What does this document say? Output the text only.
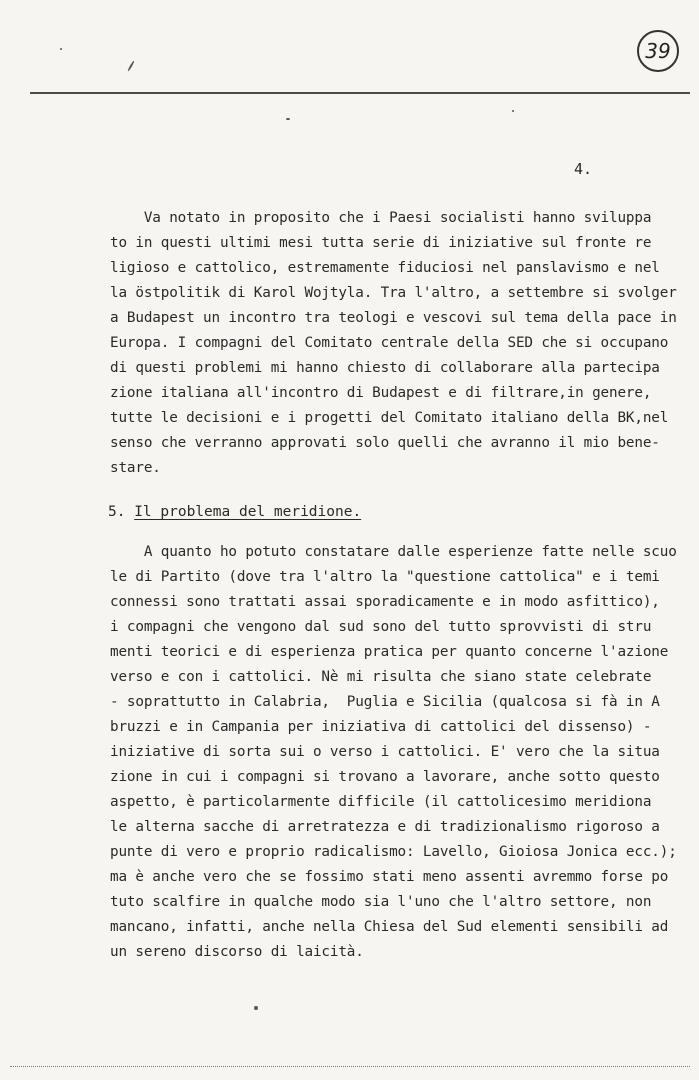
39
4.
Va notato in proposito che i Paesi socialisti hanno sviluppa
to in questi ultimi mesi tutta serie di iniziative sul fronte re
ligioso e cattolico, estremamente fiduciosi nel panslavismo e nel
la östpolitik di Karol Wojtyla. Tra l'altro, a settembre si svolger
a Budapest un incontro tra teologi e vescovi sul tema della pace in
Europa. I compagni del Comitato centrale della SED che si occupano
di questi problemi mi hanno chiesto di collaborare alla partecipa
zione italiana all'incontro di Budapest e di filtrare,in genere,
tutte le decisioni e i progetti del Comitato italiano della BK,nel
senso che verranno approvati solo quelli che avranno il mio bene-
stare.
5. Il problema del meridione.
A quanto ho potuto constatare dalle esperienze fatte nelle scuo
le di Partito (dove tra l'altro la "questione cattolica" e i temi
connessi sono trattati assai sporadicamente e in modo asfittico),
i compagni che vengono dal sud sono del tutto sprovvisti di stru
menti teorici e di esperienza pratica per quanto concerne l'azione
verso e con i cattolici. Nè mi risulta che siano state celebrate
- soprattutto in Calabria,  Puglia e Sicilia (qualcosa si fà in A
bruzzi e in Campania per iniziativa di cattolici del dissenso) -
iniziative di sorta sui o verso i cattolici. E' vero che la situa
zione in cui i compagni si trovano a lavorare, anche sotto questo
aspetto, è particolarmente difficile (il cattolicesimo meridiona
le alterna sacche di arretratezza e di tradizionalismo rigoroso a
punte di vero e proprio radicalismo: Lavello, Gioiosa Jonica ecc.);
ma è anche vero che se fossimo stati meno assenti avremmo forse po
tuto scalfire in qualche modo sia l'uno che l'altro settore, non
mancano, infatti, anche nella Chiesa del Sud elementi sensibili ad
un sereno discorso di laicità.
